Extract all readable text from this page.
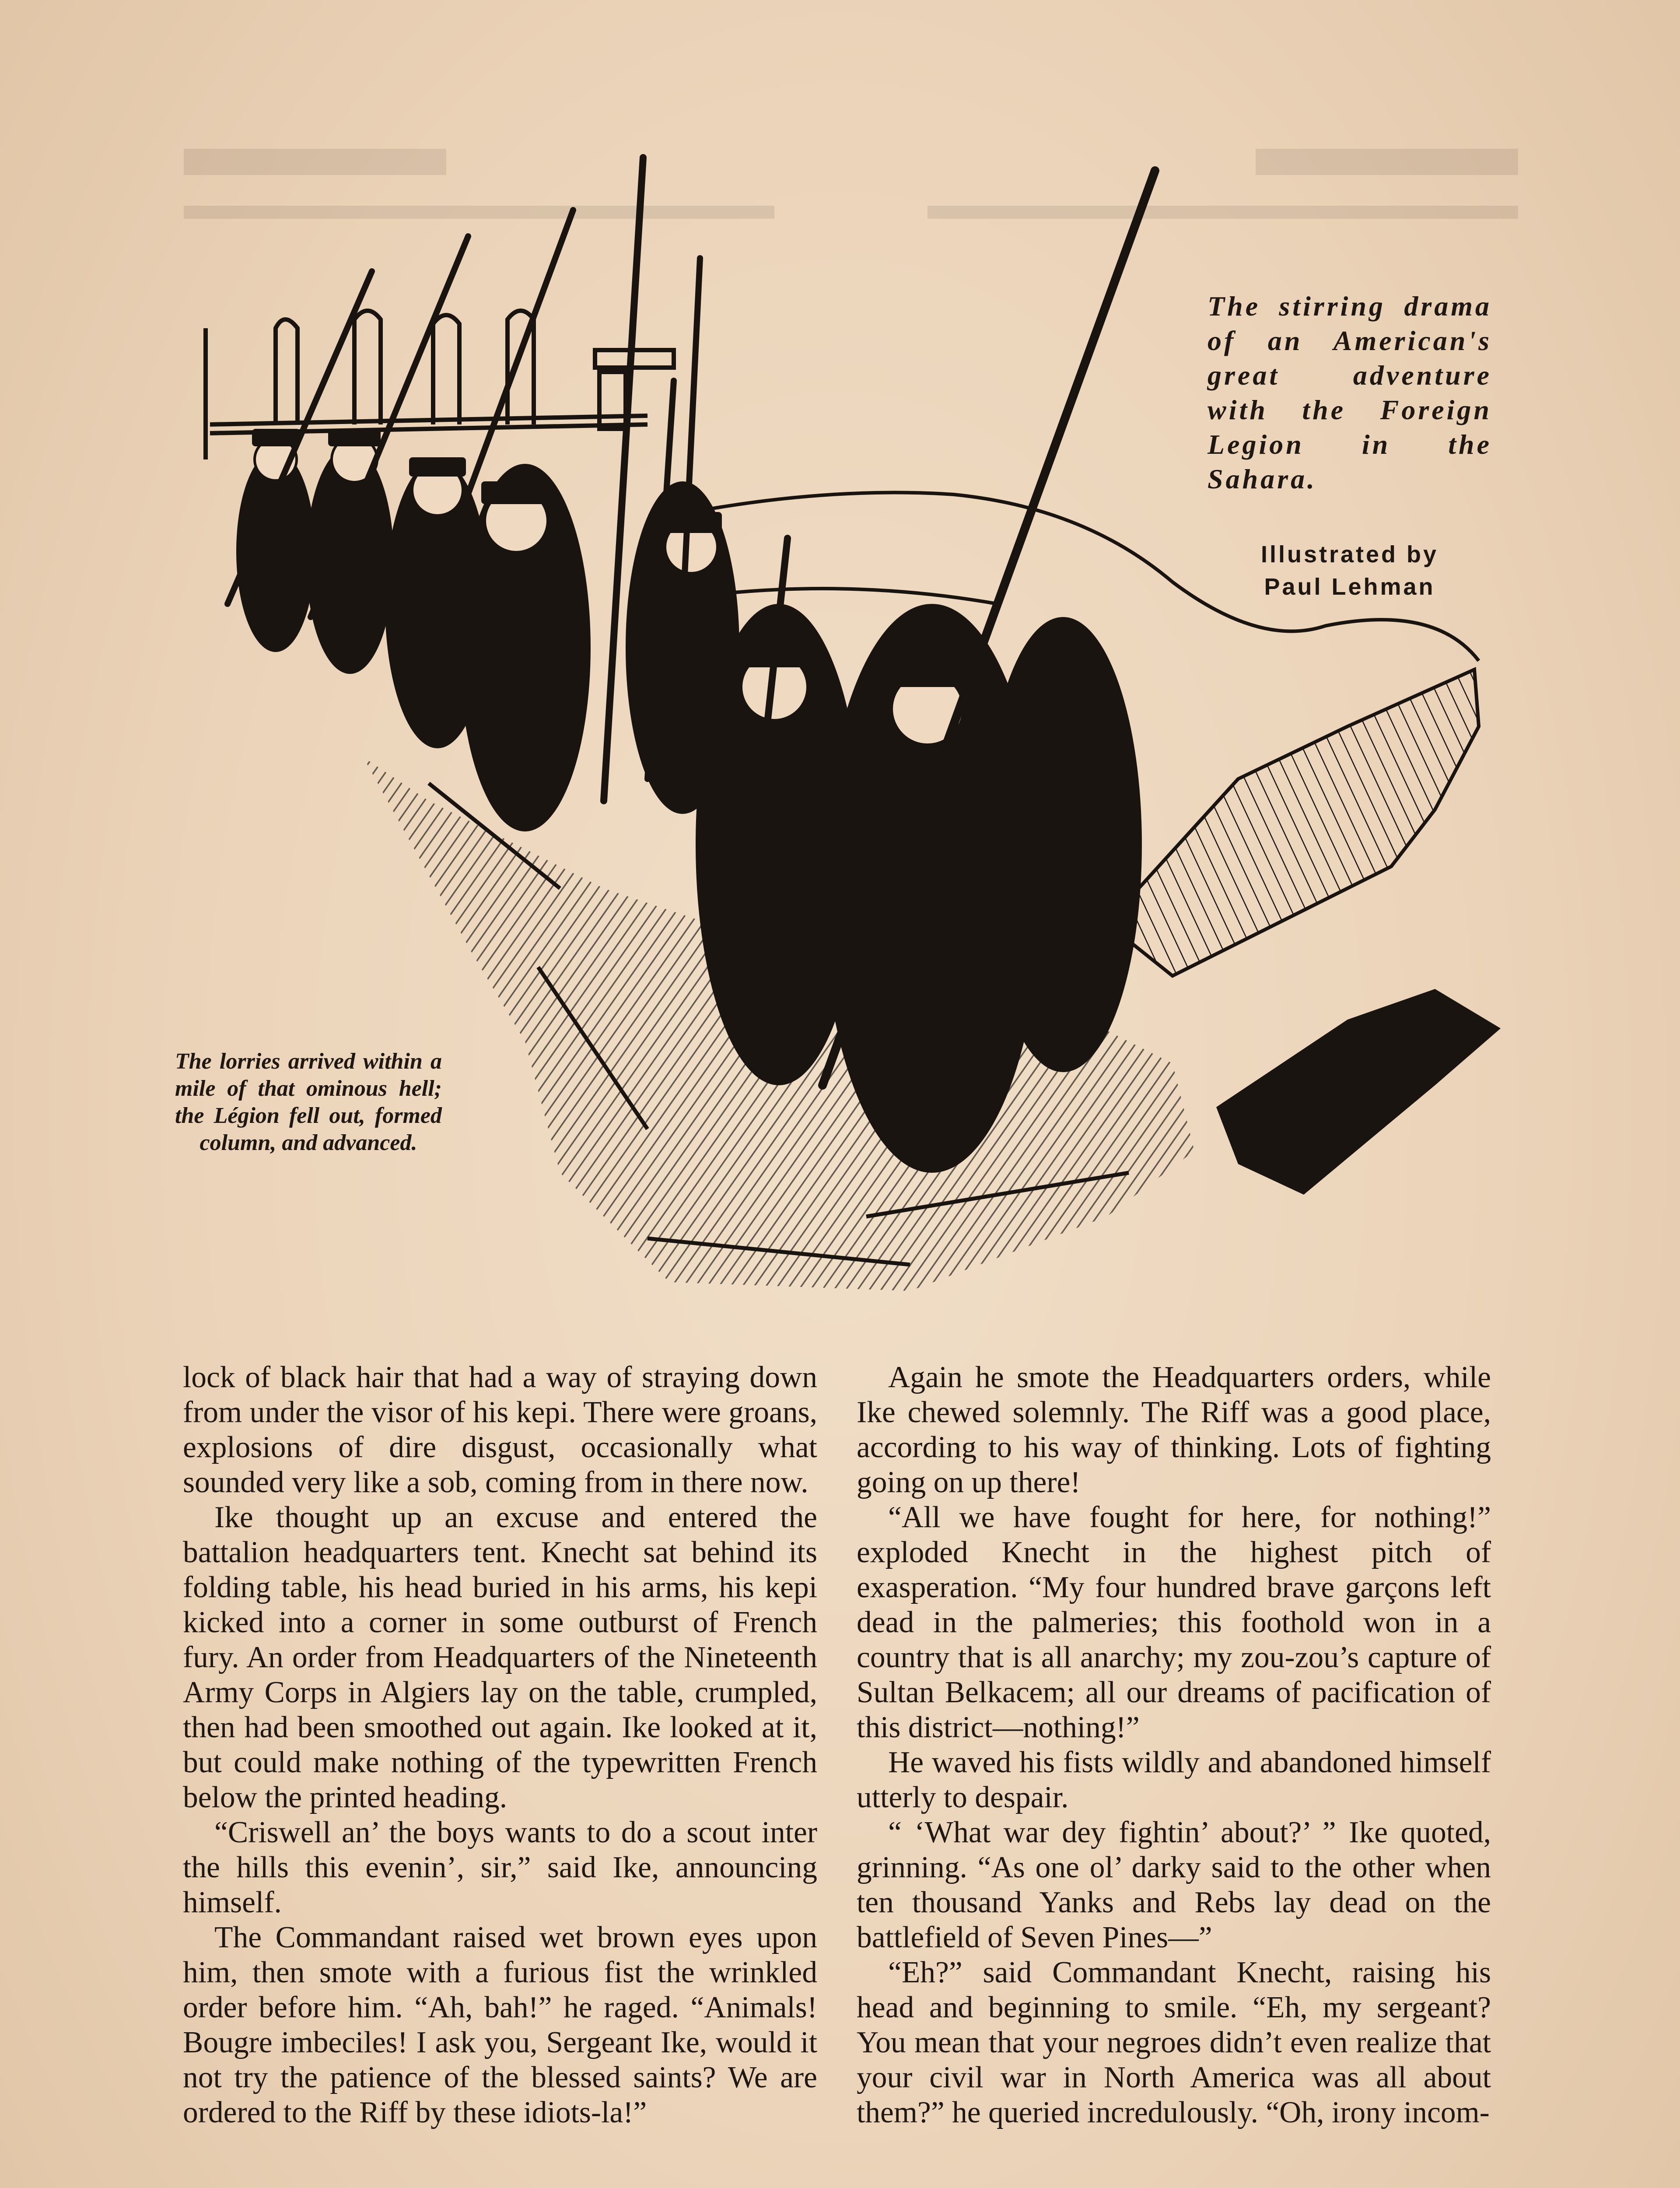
The stirring drama of an American's great adventure with the Foreign Legion in the Sahara.
Illustrated by
Paul Lehman
The lorries arrived within a mile of that ominous hell; the Légion fell out, formed column, and advanced.

lock of black hair that had a way of straying down from under the visor of his kepi. There were groans, explosions of dire disgust, occasionally what sounded very like a sob, coming from in there now.

Ike thought up an excuse and entered the battalion headquarters tent. Knecht sat behind its folding table, his head buried in his arms, his kepi kicked into a corner in some outburst of French fury. An order from Headquarters of the Nineteenth Army Corps in Algiers lay on the table, crumpled, then had been smoothed out again. Ike looked at it, but could make nothing of the typewritten French below the printed heading.

“Criswell an’ the boys wants to do a scout inter the hills this evenin’, sir,” said Ike, announcing himself.

The Commandant raised wet brown eyes upon him, then smote with a furious fist the wrinkled order before him. “Ah, bah!” he raged. “Animals! Bougre imbeciles! I ask you, Sergeant Ike, would it not try the patience of the blessed saints? We are ordered to the Riff by these idiots-la!”

Again he smote the Headquarters orders, while Ike chewed solemnly. The Riff was a good place, according to his way of thinking. Lots of fighting going on up there!

“All we have fought for here, for nothing!” exploded Knecht in the highest pitch of exasperation. “My four hundred brave garçons left dead in the palmeries; this foothold won in a country that is all anarchy; my zou-zou’s capture of Sultan Belkacem; all our dreams of pacification of this district—nothing!”

He waved his fists wildly and abandoned himself utterly to despair.

“ ‘What war dey fightin’ about?’ ” Ike quoted, grinning. “As one ol’ darky said to the other when ten thousand Yanks and Rebs lay dead on the battlefield of Seven Pines—”

“Eh?” said Commandant Knecht, raising his head and beginning to smile. “Eh, my sergeant? You mean that your negroes didn’t even realize that your civil war in North America was all about them?” he queried incredulously. “Oh, irony incom-
